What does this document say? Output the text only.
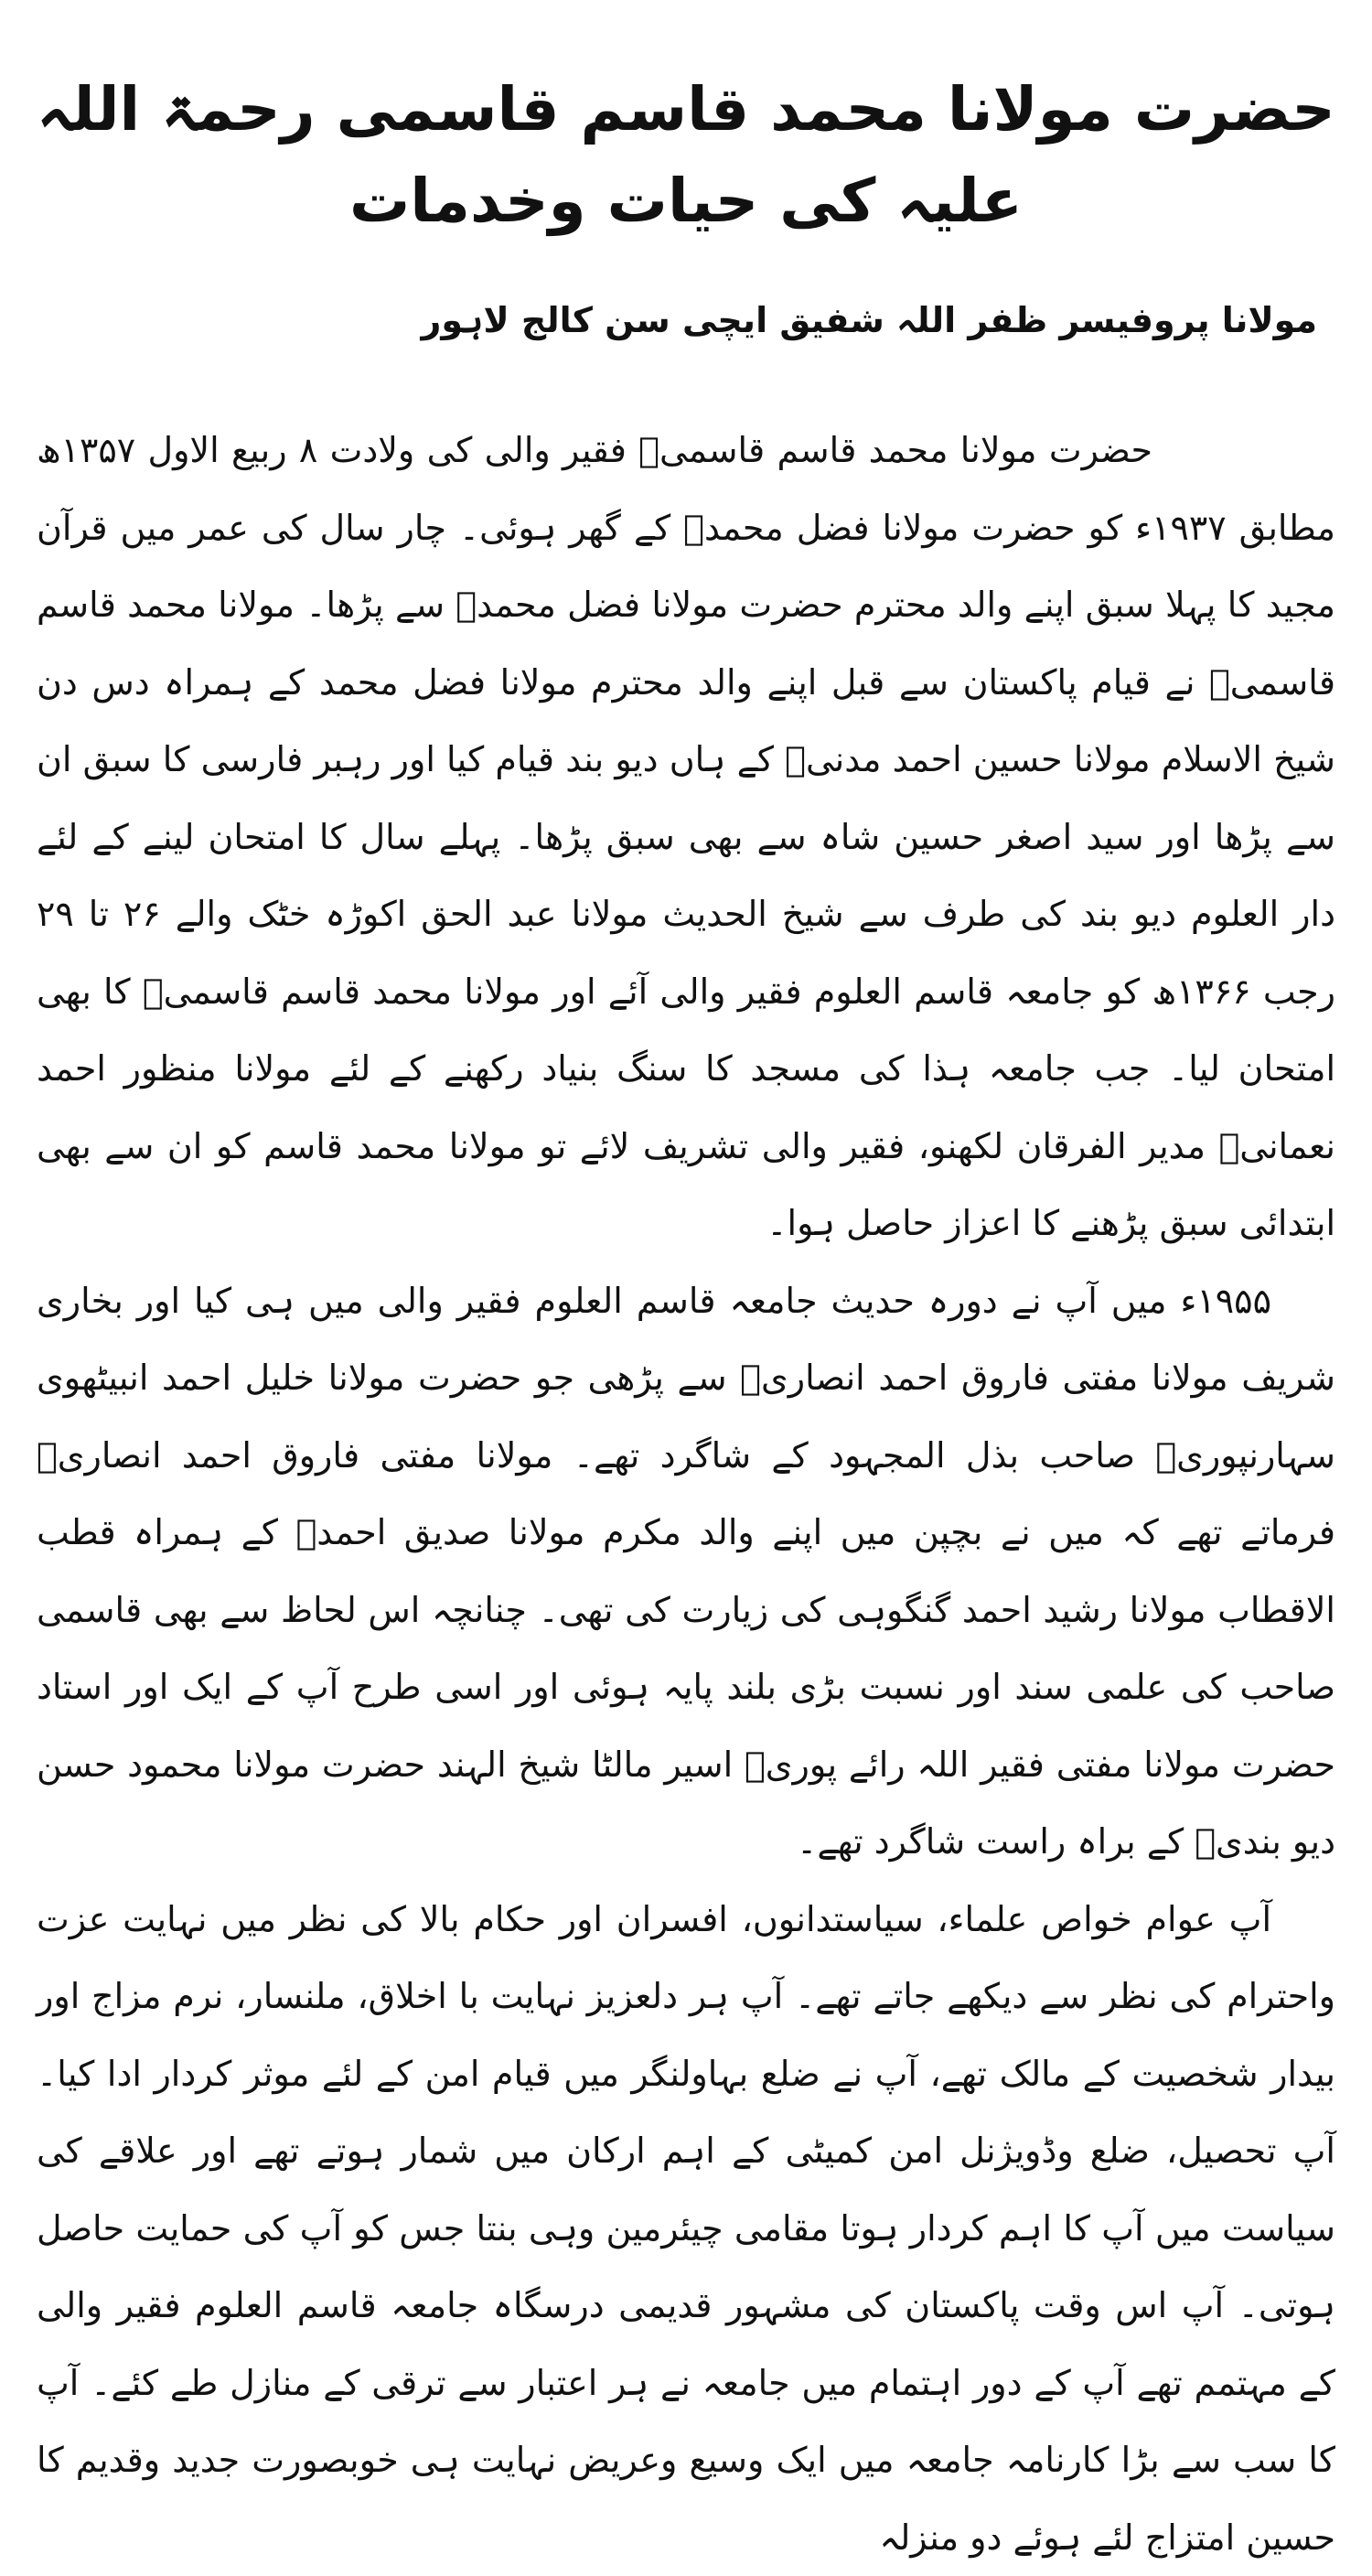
حضرت مولانا محمد قاسم قاسمی رحمۃ اللہ علیہ کی حیات وخدمات
مولانا پروفیسر ظفر اللہ شفیق ایچی سن کالج لاہور

حضرت مولانا محمد قاسم قاسمیؒ فقیر والی کی ولادت ۸ ربیع الاول ۱۳۵۷ھ مطابق ۱۹۳۷ء کو حضرت مولانا فضل محمدؒ کے گھر ہوئی۔ چار سال کی عمر میں قرآن مجید کا پہلا سبق اپنے والد محترم حضرت مولانا فضل محمدؒ سے پڑھا۔ مولانا محمد قاسم قاسمیؒ نے قیام پاکستان سے قبل اپنے والد محترم مولانا فضل محمد کے ہمراہ دس دن شیخ الاسلام مولانا حسین احمد مدنیؒ کے ہاں دیو بند قیام کیا اور رہبر فارسی کا سبق ان سے پڑھا اور سید اصغر حسین شاہ سے بھی سبق پڑھا۔ پہلے سال کا امتحان لینے کے لئے دار العلوم دیو بند کی طرف سے شیخ الحدیث مولانا عبد الحق اکوڑہ خٹک والے ۲۶ تا ۲۹ رجب ۱۳۶۶ھ کو جامعہ قاسم العلوم فقیر والی آئے اور مولانا محمد قاسم قاسمیؒ کا بھی امتحان لیا۔ جب جامعہ ہذا کی مسجد کا سنگ بنیاد رکھنے کے لئے مولانا منظور احمد نعمانیؒ مدیر الفرقان لکھنو، فقیر والی تشریف لائے تو مولانا محمد قاسم کو ان سے بھی ابتدائی سبق پڑھنے کا اعزاز حاصل ہوا۔

۱۹۵۵ء میں آپ نے دورہ حدیث جامعہ قاسم العلوم فقیر والی میں ہی کیا اور بخاری شریف مولانا مفتی فاروق احمد انصاریؒ سے پڑھی جو حضرت مولانا خلیل احمد انبیٹھوی سہارنپوریؒ صاحب بذل المجہود کے شاگرد تھے۔ مولانا مفتی فاروق احمد انصاریؒ فرماتے تھے کہ میں نے بچپن میں اپنے والد مکرم مولانا صدیق احمدؒ کے ہمراہ قطب الاقطاب مولانا رشید احمد گنگوہی کی زیارت کی تھی۔ چنانچہ اس لحاظ سے بھی قاسمی صاحب کی علمی سند اور نسبت بڑی بلند پایہ ہوئی اور اسی طرح آپ کے ایک اور استاد حضرت مولانا مفتی فقیر اللہ رائے پوریؒ اسیر مالٹا شیخ الہند حضرت مولانا محمود حسن دیو بندیؒ کے براہ راست شاگرد تھے۔

آپ عوام خواص علماء، سیاستدانوں، افسران اور حکام بالا کی نظر میں نہایت عزت واحترام کی نظر سے دیکھے جاتے تھے۔ آپ ہر دلعزیز نہایت با اخلاق، ملنسار، نرم مزاج اور بیدار شخصیت کے مالک تھے، آپ نے ضلع بہاولنگر میں قیام امن کے لئے موثر کردار ادا کیا۔ آپ تحصیل، ضلع وڈویژنل امن کمیٹی کے اہم ارکان میں شمار ہوتے تھے اور علاقے کی سیاست میں آپ کا اہم کردار ہوتا مقامی چیئرمین وہی بنتا جس کو آپ کی حمایت حاصل ہوتی۔ آپ اس وقت پاکستان کی مشہور قدیمی درسگاہ جامعہ قاسم العلوم فقیر والی کے مہتمم تھے آپ کے دور اہتمام میں جامعہ نے ہر اعتبار سے ترقی کے منازل طے کئے۔ آپ کا سب سے بڑا کارنامہ جامعہ میں ایک وسیع وعریض نہایت ہی خوبصورت جدید وقدیم کا حسین امتزاج لئے ہوئے دو منزلہ
